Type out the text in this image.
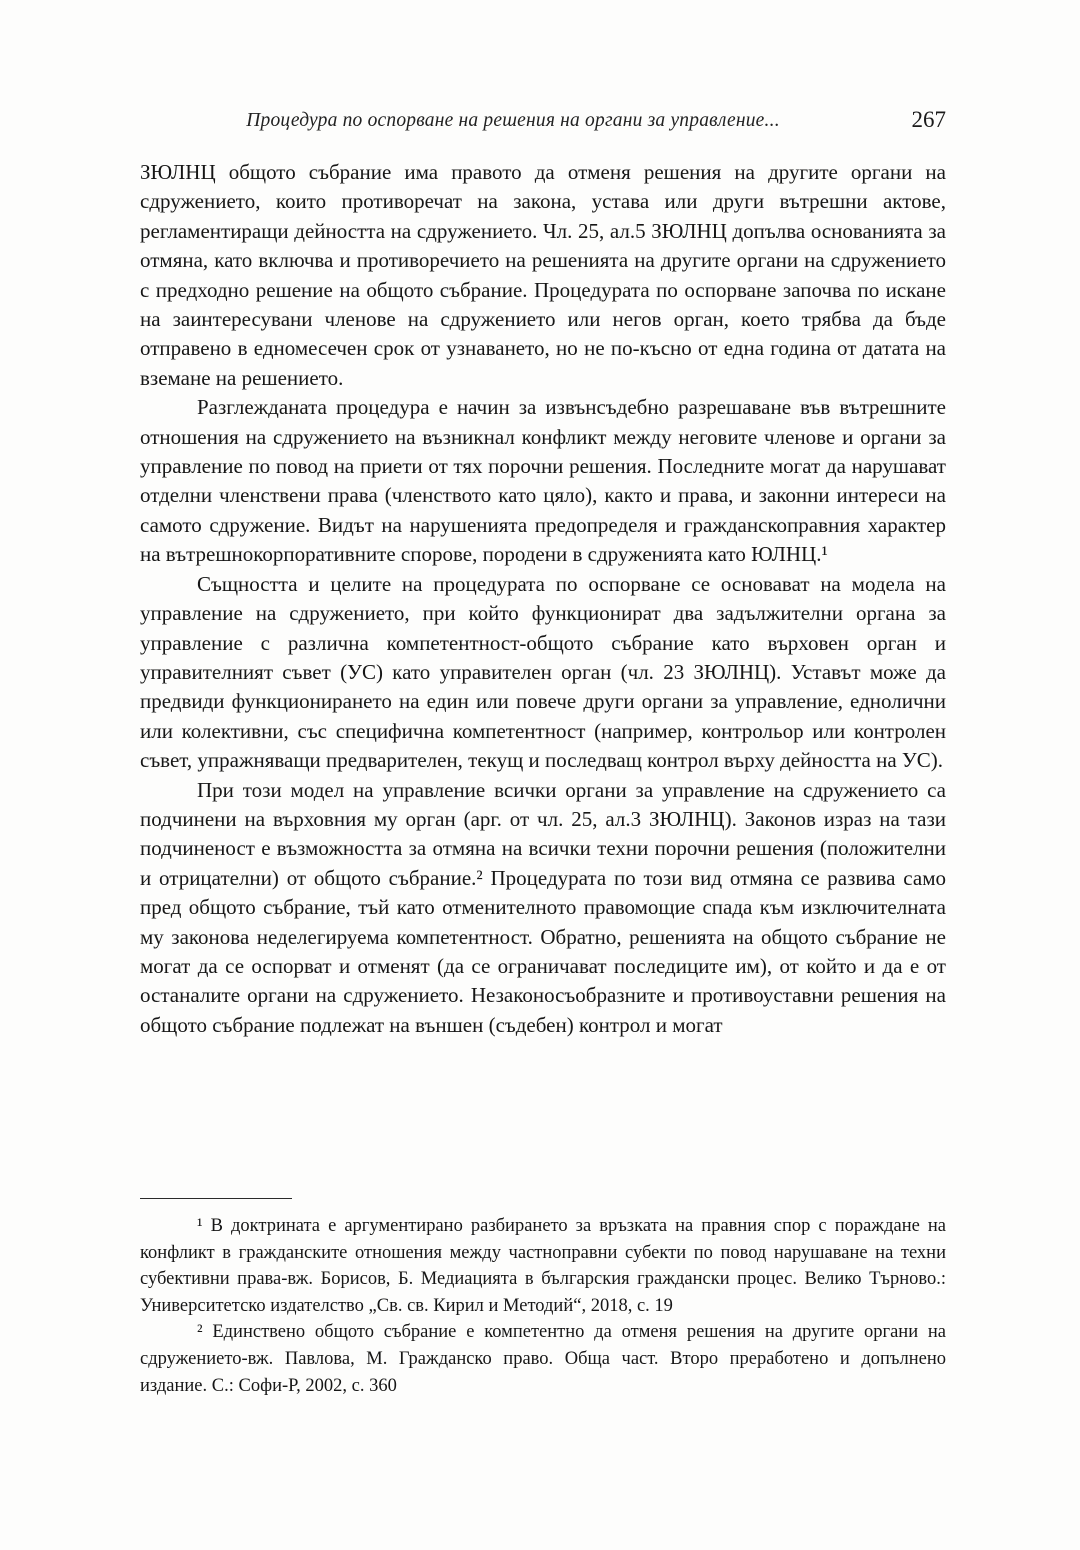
Процедура по оспорване на решения на органи за управление...	267

ЗЮЛНЦ общото събрание има правото да отменя решения на другите органи на сдружението, които противоречат на закона, устава или други вътрешни актове, регламентиращи дейността на сдружението. Чл. 25, ал.5 ЗЮЛНЦ допълва основанията за отмяна, като включва и противоречието на решенията на другите органи на сдружението с предходно решение на общото събрание. Процедурата по оспорване започва по искане на заинтересувани членове на сдружението или негов орган, което трябва да бъде отправено в едномесечен срок от узнаването, но не по-късно от една година от датата на вземане на решението.

Разглежданата процедура е начин за извънсъдебно разрешаване във вътрешните отношения на сдружението на възникнал конфликт между неговите членове и органи за управление по повод на приети от тях порочни решения. Последните могат да нарушават отделни членствени права (членството като цяло), както и права, и законни интереси на самото сдружение. Видът на нарушенията предопределя и гражданскоправния характер на вътрешнокорпоративните спорове, породени в сдруженията като ЮЛНЦ.¹

Същността и целите на процедурата по оспорване се основават на модела на управление на сдружението, при който функционират два задължителни органа за управление с различна компетентност-общото събрание като върховен орган и управителният съвет (УС) като управителен орган (чл. 23 ЗЮЛНЦ). Уставът може да предвиди функционирането на един или повече други органи за управление, еднолични или колективни, със специфична компетентност (например, контрольор или контролен съвет, упражняващи предварителен, текущ и последващ контрол върху дейността на УС).

При този модел на управление всички органи за управление на сдружението са подчинени на върховния му орган (арг. от чл. 25, ал.3 ЗЮЛНЦ). Законов израз на тази подчиненост е възможността за отмяна на всички техни порочни решения (положителни и отрицателни) от общото събрание.² Процедурата по този вид отмяна се развива само пред общото събрание, тъй като отменителното правомощие спада към изключителната му законова неделегируема компетентност. Обратно, решенията на общото събрание не могат да се оспорват и отменят (да се ограничават последиците им), от който и да е от останалите органи на сдружението. Незаконосъобразните и противоуставни решения на общото събрание подлежат на външен (съдебен) контрол и могат

¹ В доктрината е аргументирано разбирането за връзката на правния спор с пораждане на конфликт в гражданските отношения между частноправни субекти по повод нарушаване на техни субективни права-вж. Борисов, Б. Медиацията в българския граждански процес. Велико Търново.: Университетско издателство „Св. св. Кирил и Методий“, 2018, с. 19

² Единствено общото събрание е компетентно да отменя решения на другите органи на сдружението-вж. Павлова, М. Гражданско право. Обща част. Второ преработено и допълнено издание. С.: Софи-Р, 2002, с. 360
